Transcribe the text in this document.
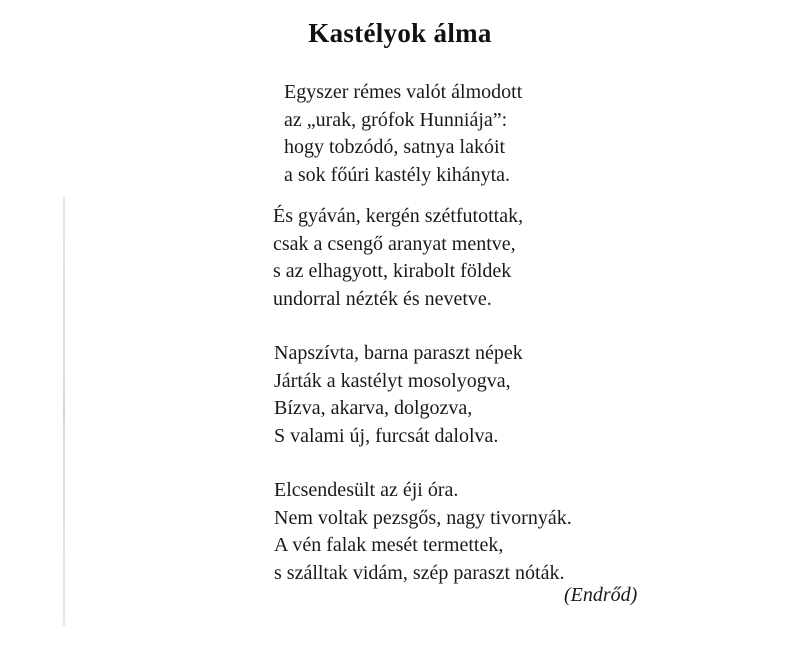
Kastélyok álma

Egyszer rémes valót álmodott
az „urak, grófok Hunniája”:
hogy tobzódó, satnya lakóit
a sok főúri kastély kihányta.

És gyáván, kergén szétfutottak,
csak a csengő aranyat mentve,
s az elhagyott, kirabolt földek
undorral nézték és nevetve.

Napszívta, barna paraszt népek
Járták a kastélyt mosolyogva,
Bízva, akarva, dolgozva,
S valami új, furcsát dalolva.

Elcsendesült az éji óra.
Nem voltak pezsgős, nagy tivornyák.
A vén falak mesét termettek,
s szálltak vidám, szép paraszt nóták.

(Endrőd)
